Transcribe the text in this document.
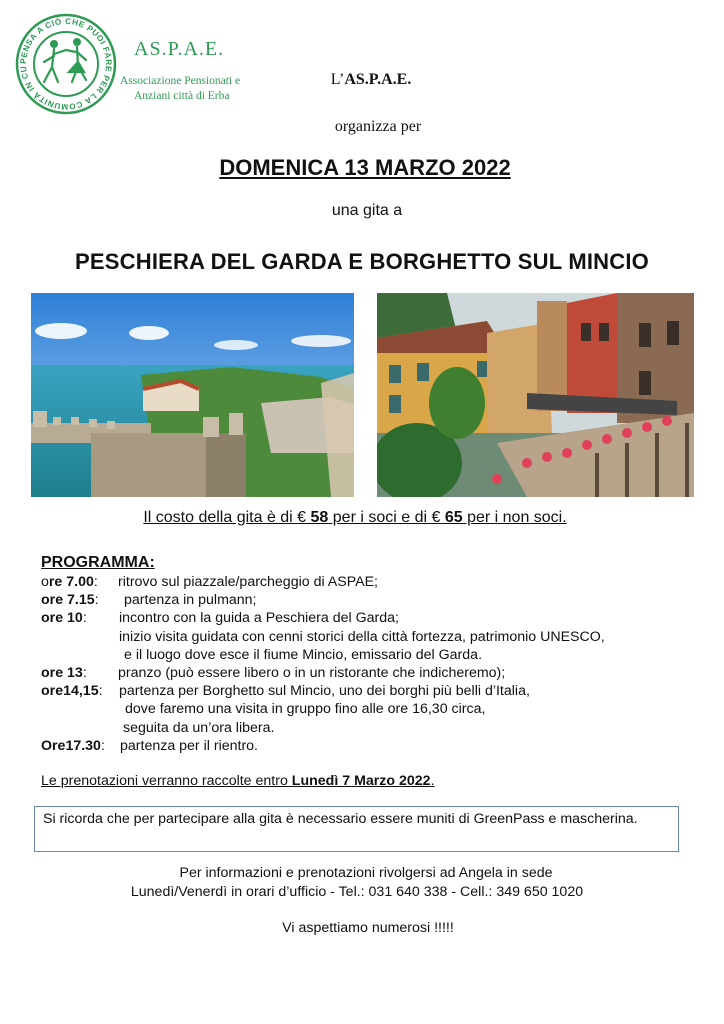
PENSA A CIÒ CHE PUOI FARE PER LA COMUNITÀ IN CU
AS.P.A.E.
Associazione Pensionati e
Anziani città di Erba
L’AS.P.A.E.
organizza per
DOMENICA 13 MARZO 2022
una gita a
PESCHIERA DEL GARDA E BORGHETTO SUL MINCIO
Il costo della gita è di € 58 per i soci e di € 65 per i non soci.
PROGRAMMA:
ore 7.00: ritrovo sul piazzale/parcheggio di ASPAE;
ore 7.15: partenza in pulmann;
ore 10: incontro con la guida a Peschiera del Garda;
inizio visita guidata con cenni storici della città fortezza, patrimonio UNESCO,
e il luogo dove esce il fiume Mincio, emissario del Garda.
ore 13: pranzo (può essere libero o in un ristorante che indicheremo);
ore14,15: partenza per Borghetto sul Mincio, uno dei borghi più belli d’Italia,
dove faremo una visita in gruppo fino alle ore 16,30 circa,
seguita da un’ora libera.
Ore17.30: partenza per il rientro.
Le prenotazioni verranno raccolte entro Lunedì 7 Marzo 2022.
Si ricorda che per partecipare alla gita è necessario essere muniti di GreenPass e mascherina.
Per informazioni e prenotazioni rivolgersi ad Angela in sede
Lunedì/Venerdì in orari d’ufficio - Tel.: 031 640 338 - Cell.: 349 650 1020
Vi aspettiamo numerosi !!!!!
